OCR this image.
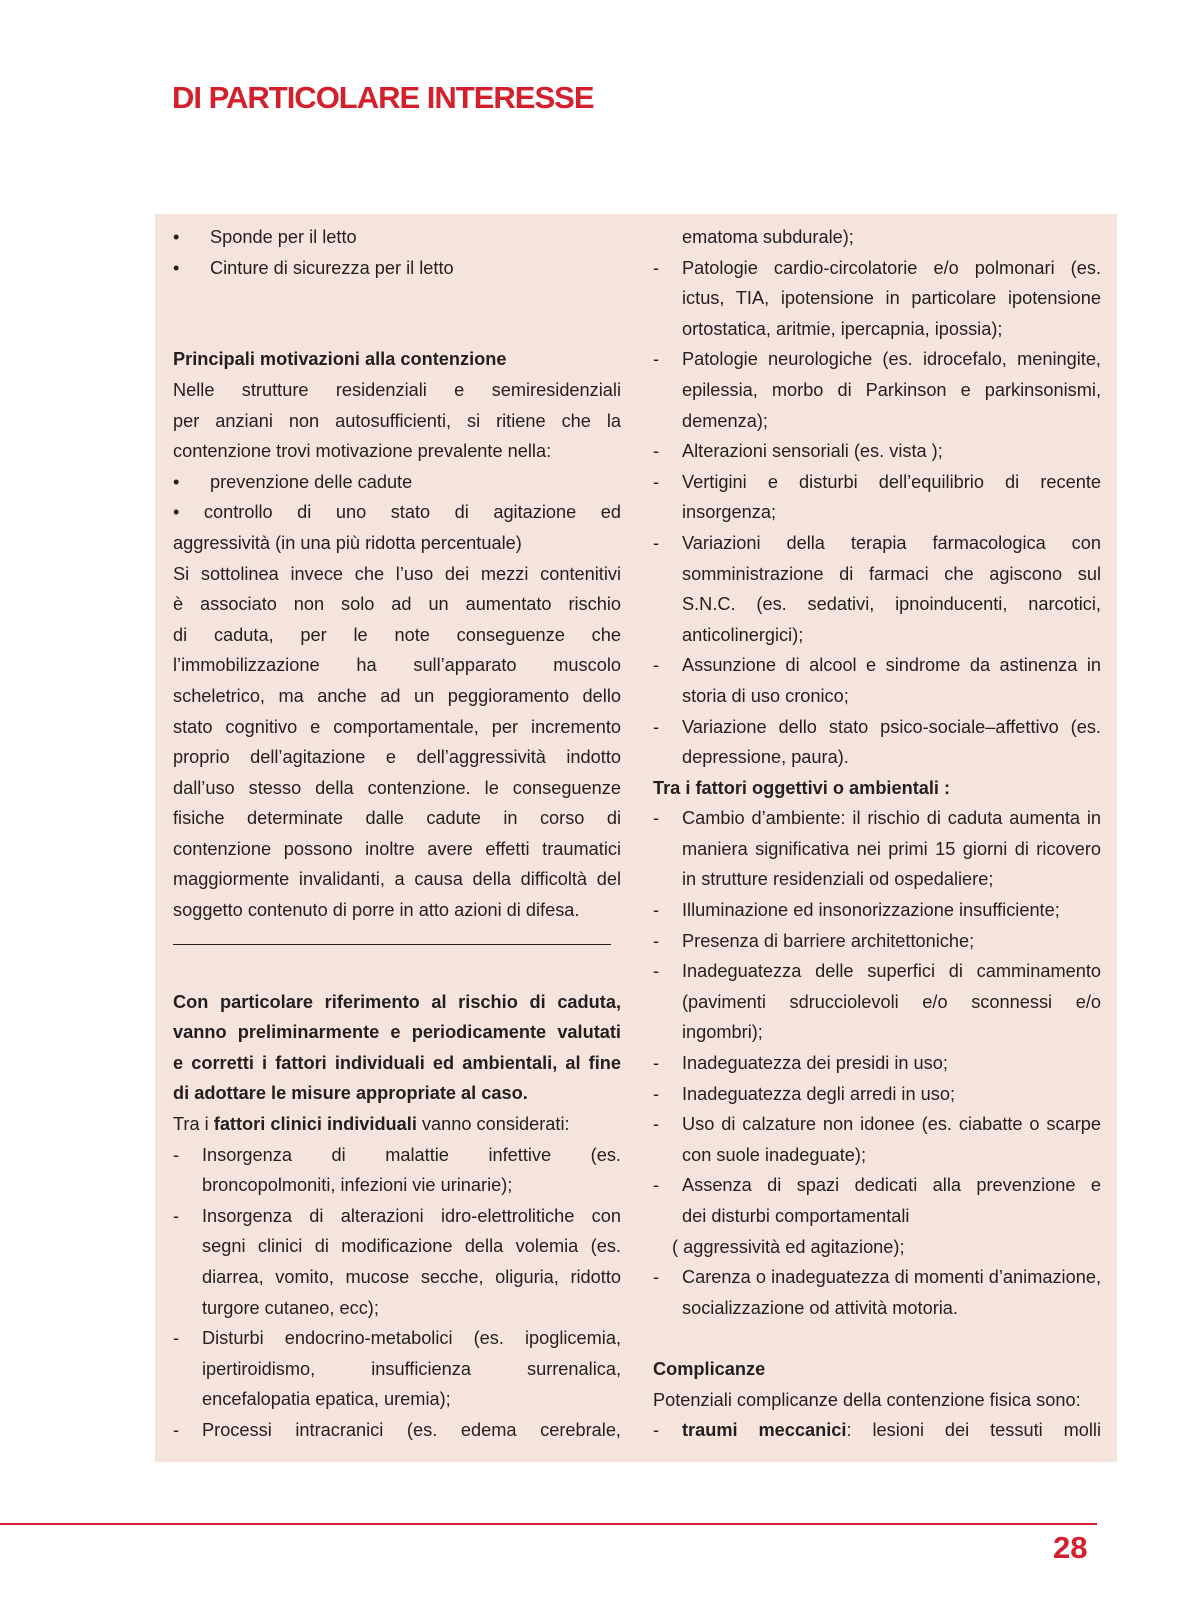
DI PARTICOLARE INTERESSE
• Sponde per il letto
• Cinture di sicurezza per il letto
Principali motivazioni alla contenzione
Nelle strutture residenziali e semiresidenziali
per anziani non autosufficienti, si ritiene che la
contenzione trovi motivazione prevalente nella:
• prevenzione delle cadute
• controllo di uno stato di agitazione ed
aggressività (in una più ridotta percentuale)
Si sottolinea invece che l’uso dei mezzi contenitivi
è associato non solo ad un aumentato rischio
di caduta, per le note conseguenze che
l’immobilizzazione ha sull’apparato muscolo
scheletrico, ma anche ad un peggioramento dello
stato cognitivo e comportamentale, per incremento
proprio dell’agitazione e dell’aggressività indotto
dall’uso stesso della contenzione. le conseguenze
fisiche determinate dalle cadute in corso di
contenzione possono inoltre avere effetti traumatici
maggiormente invalidanti, a causa della difficoltà del
soggetto contenuto di porre in atto azioni di difesa.
Con particolare riferimento al rischio di caduta,
vanno preliminarmente e periodicamente valutati
e corretti i fattori individuali ed ambientali, al fine
di adottare le misure appropriate al caso.
Tra i fattori clinici individuali vanno considerati:
-	Insorgenza di malattie infettive (es.
broncopolmoniti, infezioni vie urinarie);
-	Insorgenza di alterazioni idro-elettrolitiche con
segni clinici di modificazione della volemia (es.
diarrea, vomito, mucose secche, oliguria, ridotto
turgore cutaneo, ecc);
-	Disturbi endocrino-metabolici (es. ipoglicemia,
ipertiroidismo, insufficienza surrenalica,
encefalopatia epatica, uremia);
-	Processi intracranici (es. edema cerebrale,
ematoma subdurale);
-	Patologie cardio-circolatorie e/o polmonari (es.
ictus, TIA, ipotensione in particolare ipotensione
ortostatica, aritmie, ipercapnia, ipossia);
-	Patologie neurologiche (es. idrocefalo, meningite,
epilessia, morbo di Parkinson e parkinsonismi,
demenza);
-	Alterazioni sensoriali (es. vista );
-	Vertigini e disturbi dell’equilibrio di recente
insorgenza;
-	Variazioni della terapia farmacologica con
somministrazione di farmaci che agiscono sul
S.N.C. (es. sedativi, ipnoinducenti, narcotici,
anticolinergici);
-	Assunzione di alcool e sindrome da astinenza in
storia di uso cronico;
-	Variazione dello stato psico-sociale–affettivo (es.
depressione, paura).
Tra i fattori oggettivi o ambientali :
-	Cambio d’ambiente: il rischio di caduta aumenta in
maniera significativa nei primi 15 giorni di ricovero
in strutture residenziali od ospedaliere;
-	Illuminazione ed insonorizzazione insufficiente;
-	Presenza di barriere architettoniche;
-	Inadeguatezza delle superfici di camminamento
(pavimenti sdrucciolevoli e/o sconnessi e/o
ingombri);
-	Inadeguatezza dei presidi in uso;
-	Inadeguatezza degli arredi in uso;
-	Uso di calzature non idonee (es. ciabatte o scarpe
con suole inadeguate);
-	Assenza di spazi dedicati alla prevenzione e
dei disturbi comportamentali
( aggressività ed agitazione);
-	Carenza o inadeguatezza di momenti d’animazione,
socializzazione od attività motoria.
Complicanze
Potenziali complicanze della contenzione fisica sono:
-	traumi meccanici: lesioni dei tessuti molli
28
